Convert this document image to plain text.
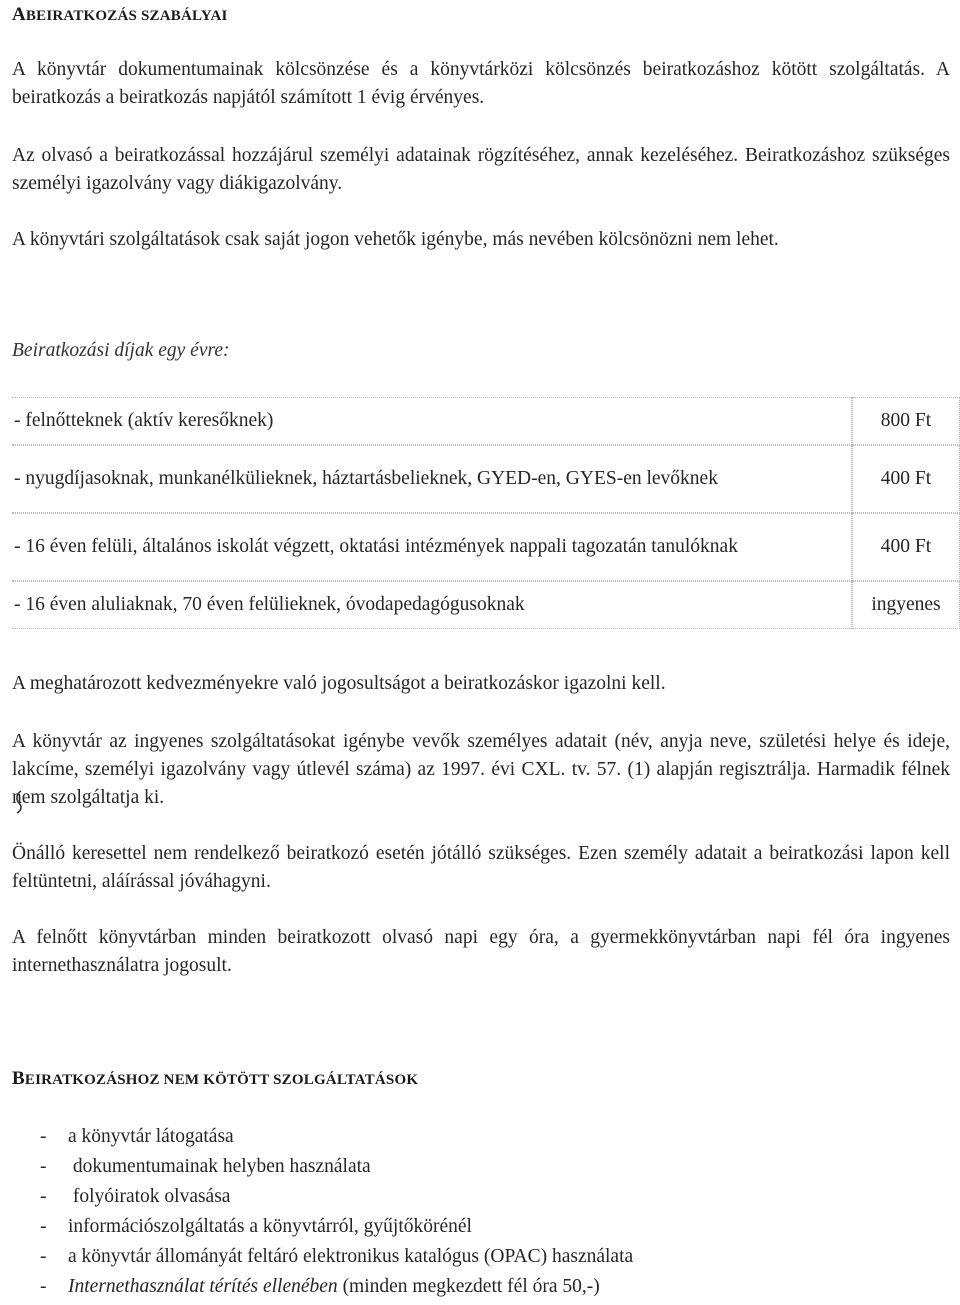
ABEIRATKOZÁS SZABÁLYAI

A könyvtár dokumentumainak kölcsönzése és a könyvtárközi kölcsönzés beiratkozáshoz kötött szolgáltatás. A beiratkozás a beiratkozás napjától számított 1 évig érvényes.

Az olvasó a beiratkozással hozzájárul személyi adatainak rögzítéséhez, annak kezeléséhez. Beiratkozáshoz szükséges személyi igazolvány vagy diákigazolvány.

A könyvtári szolgáltatások csak saját jogon vehetők igénybe, más nevében kölcsönözni nem lehet.

Beiratkozási díjak egy évre:
- felnőtteknek (aktív keresőknek)	800 Ft
- nyugdíjasoknak, munkanélkülieknek, háztartásbelieknek, GYED-en, GYES-en levőknek	400 Ft
- 16 éven felüli, általános iskolát végzett, oktatási intézmények nappali tagozatán tanulóknak	400 Ft
- 16 éven aluliaknak, 70 éven felülieknek, óvodapedagógusoknak	ingyenes

A meghatározott kedvezményekre való jogosultságot a beiratkozáskor igazolni kell.

A könyvtár az ingyenes szolgáltatásokat igénybe vevők személyes adatait (név, anyja neve, születési helye és ideje, lakcíme, személyi igazolvány vagy útlevél száma) az 1997. évi CXL. tv. 57. (1) alapján regisztrálja. Harmadik félnek nem szolgáltatja ki.

Önálló keresettel nem rendelkező beiratkozó esetén jótálló szükséges. Ezen személy adatait a beiratkozási lapon kell feltüntetni, aláírással jóváhagyni.

A felnőtt könyvtárban minden beiratkozott olvasó napi egy óra, a gyermekkönyvtárban napi fél óra ingyenes internethasználatra jogosult.

BEIRATKOZÁSHOZ NEM KÖTÖTT SZOLGÁLTATÁSOK
- a könyvtár látogatása
- dokumentumainak helyben használata
- folyóiratok olvasása
- információszolgáltatás a könyvtárról, gyűjtőkörénél
- a könyvtár állományát feltáró elektronikus katalógus (OPAC) használata
- Internethasználat térítés ellenében (minden megkezdett fél óra 50,-)
